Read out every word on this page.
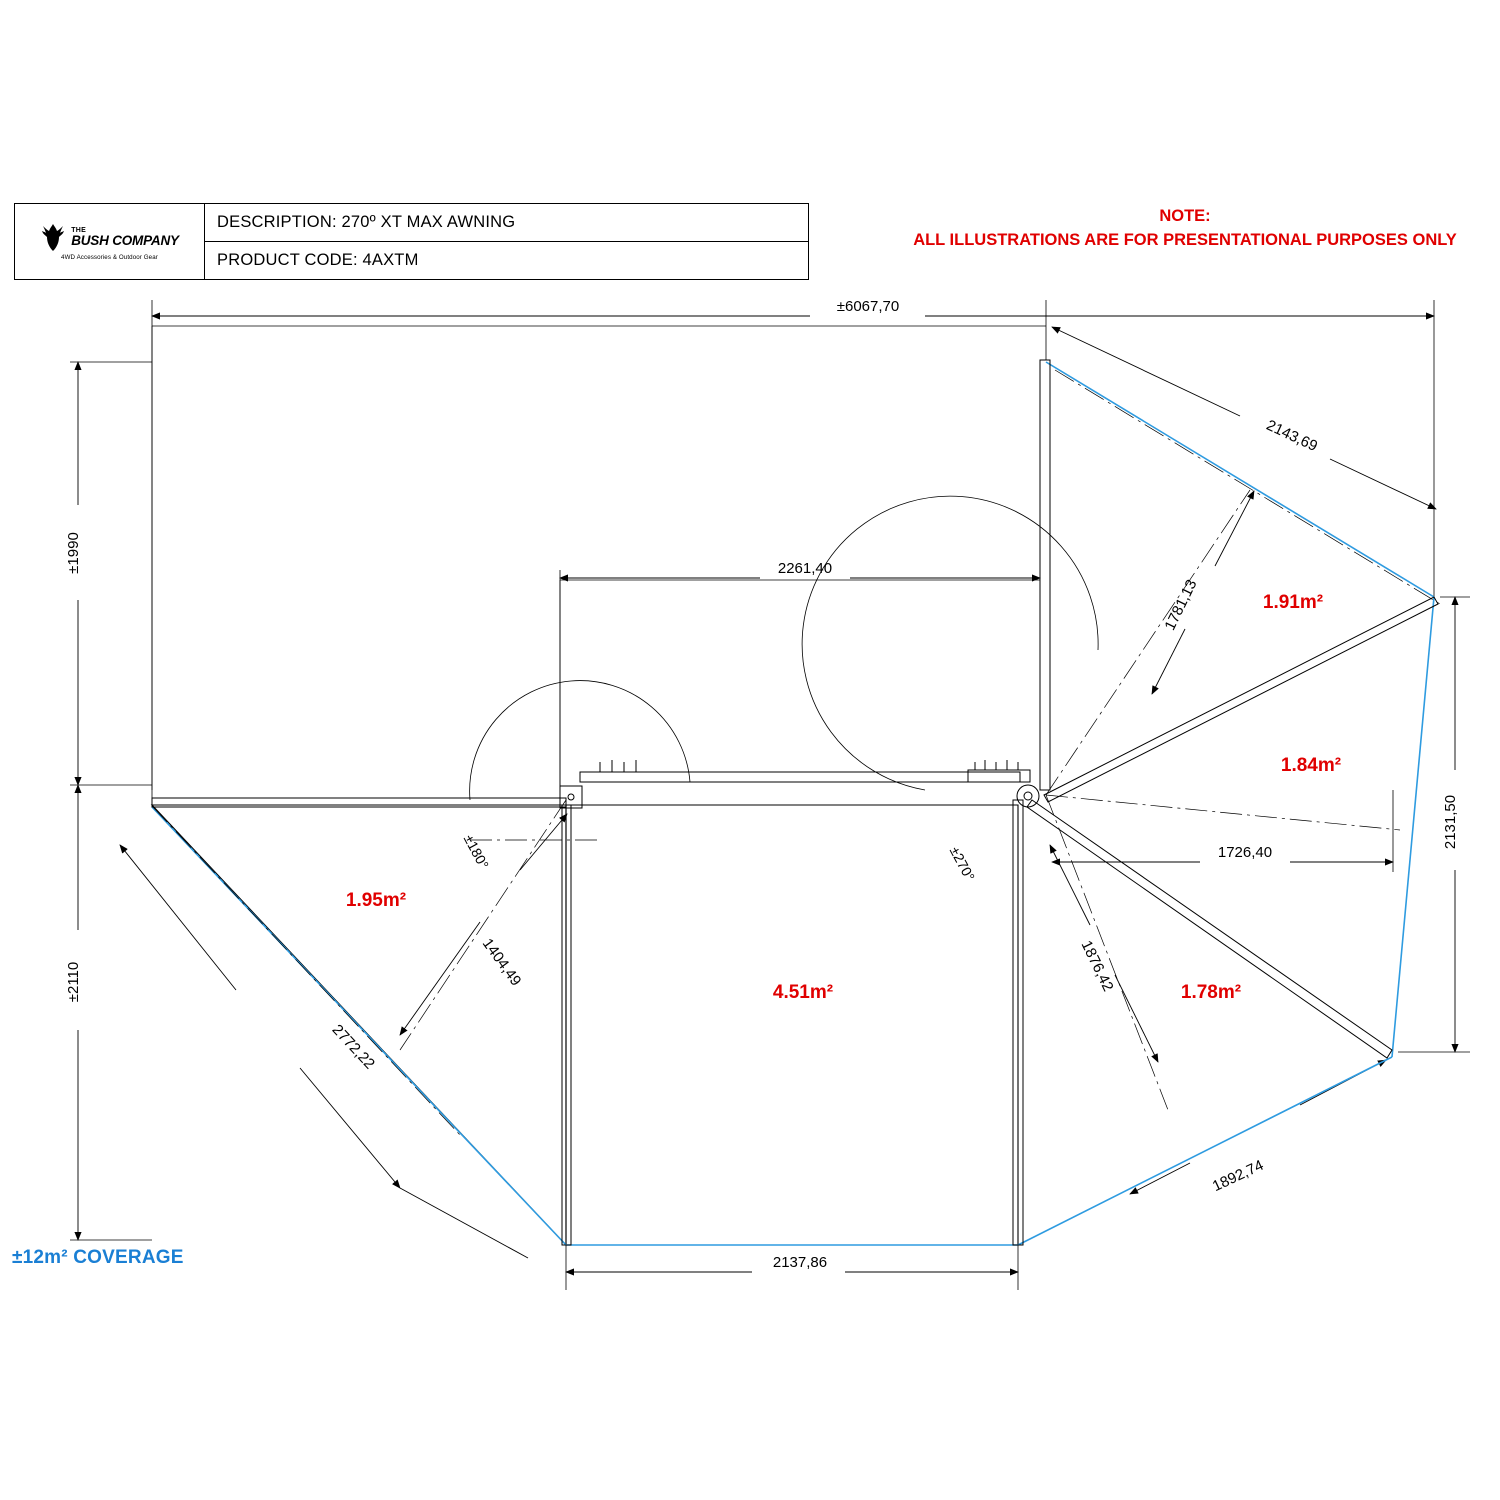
THE
BUSH COMPANY
4WD Accessories & Outdoor Gear
DESCRIPTION: 270º XT MAX AWNING
PRODUCT CODE: 4AXTM
NOTE:
ALL ILLUSTRATIONS ARE FOR PRESENTATIONAL PURPOSES ONLY
±12m² COVERAGE
±6067,70
±1990
±2110
2261,40
2143,69
1781,13
2131,50
1726,40
1876,42
1892,74
2137,86
2772,22
1404,49
±180°	±270°
1.95m²
4.51m²
1.91m²
1.84m²
1.78m²
